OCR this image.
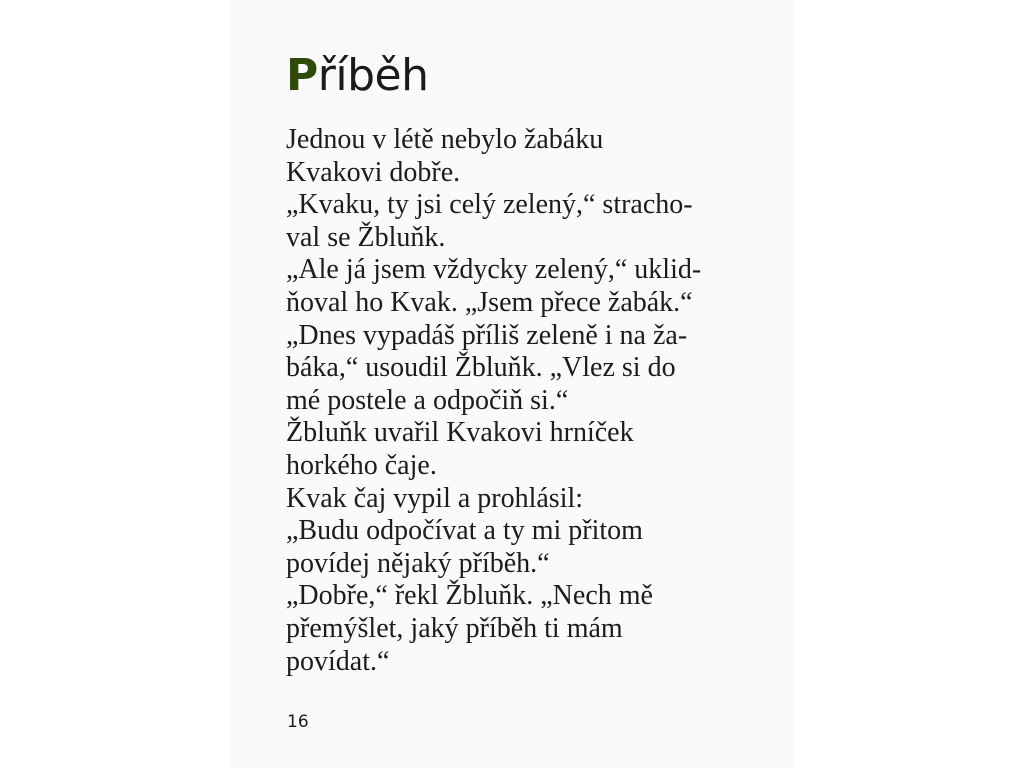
Příběh
Jednou v létě nebylo žabáku
Kvakovi dobře.
„Kvaku, ty jsi celý zelený,“ stracho-
val se Žbluňk.
„Ale já jsem vždycky zelený,“ uklid-
ňoval ho Kvak. „Jsem přece žabák.“
„Dnes vypadáš příliš zeleně i na ža-
báka,“ usoudil Žbluňk. „Vlez si do
mé postele a odpočiň si.“
Žbluňk uvařil Kvakovi hrníček
horkého čaje.
Kvak čaj vypil a prohlásil:
„Budu odpočívat a ty mi přitom
povídej nějaký příběh.“
„Dobře,“ řekl Žbluňk. „Nech mě
přemýšlet, jaký příběh ti mám
povídat.“
16
